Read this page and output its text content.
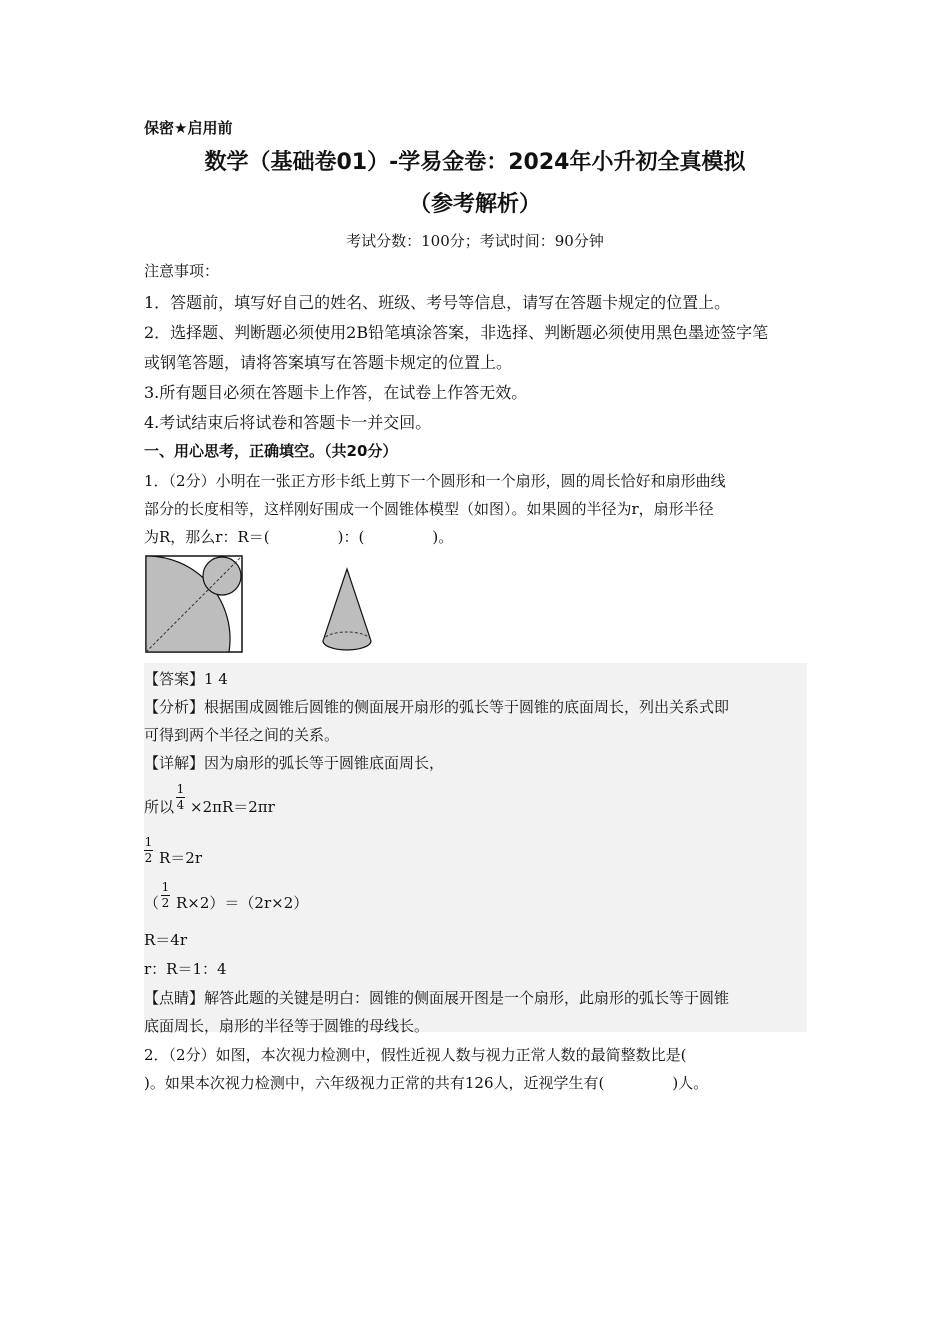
保密★启用前
数学（基础卷01）-学易金卷：2024年小升初全真模拟
（参考解析）
考试分数：100分；考试时间：90分钟
注意事项：
1．答题前，填写好自己的姓名、班级、考号等信息，请写在答题卡规定的位置上。
2．选择题、判断题必须使用2B铅笔填涂答案，非选择、判断题必须使用黑色墨迹签字笔
或钢笔答题，请将答案填写在答题卡规定的位置上。
3.所有题目必须在答题卡上作答，在试卷上作答无效。
4.考试结束后将试卷和答题卡一并交回。
一、用心思考，正确填空。（共20分）
1．（2分）小明在一张正方形卡纸上剪下一个圆形和一个扇形，圆的周长恰好和扇形曲线
部分的长度相等，这样刚好围成一个圆锥体模型（如图）。如果圆的半径为r，扇形半径
为R，那么r：R＝(	)：(	)。
【答案】1 4
【分析】根据围成圆锥后圆锥的侧面展开扇形的弧长等于圆锥的底面周长，列出关系式即
可得到两个半径之间的关系。
【详解】因为扇形的弧长等于圆锥底面周长，
所以
1
4 ×2πR＝2πr
1
2 R＝2r
（
1
2 R×2）＝（2r×2）
R＝4r
r：R＝1：4
【点睛】解答此题的关键是明白：圆锥的侧面展开图是一个扇形，此扇形的弧长等于圆锥
底面周长，扇形的半径等于圆锥的母线长。
2．（2分）如图，本次视力检测中，假性近视人数与视力正常人数的最简整数比是(
)。如果本次视力检测中，六年级视力正常的共有126人，近视学生有(	)人。
